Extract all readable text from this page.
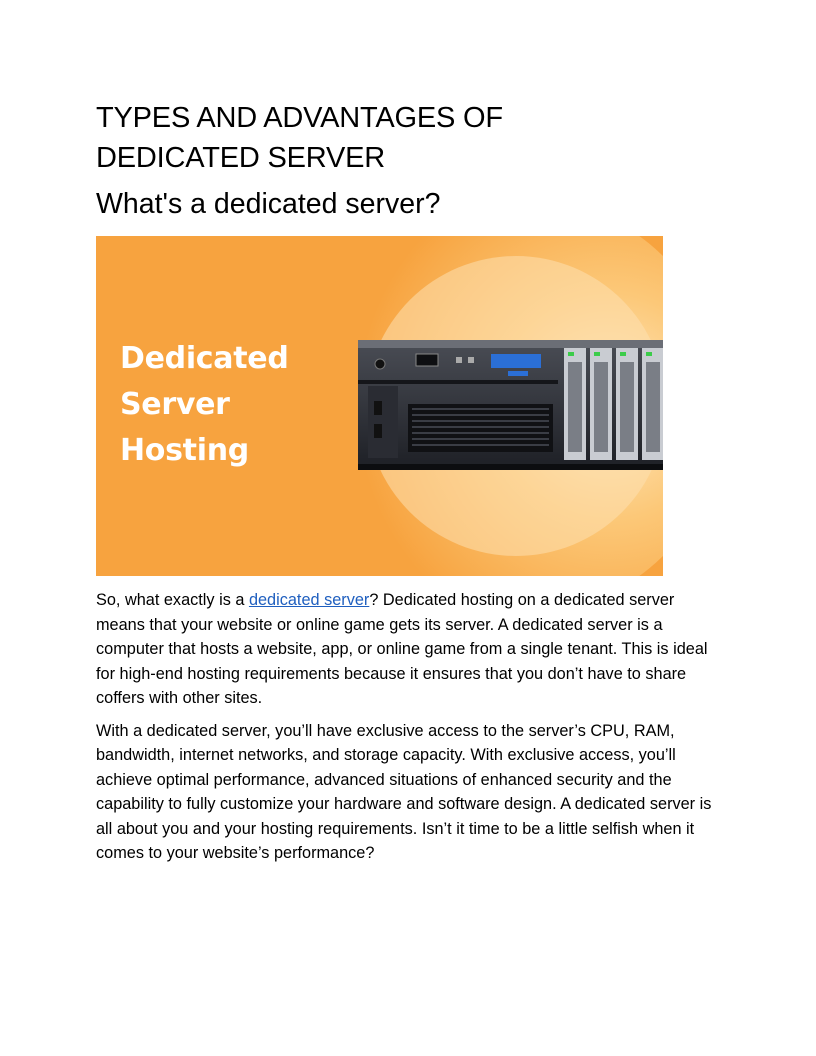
TYPES AND ADVANTAGES OF DEDICATED SERVER
What's a dedicated server?
Dedicated
Server
Hosting

So, what exactly is a dedicated server? Dedicated hosting on a dedicated server means that your website or online game gets its server. A dedicated server is a computer that hosts a website, app, or online game from a single tenant. This is ideal for high-end hosting requirements because it ensures that you don’t have to share coffers with other sites.

With a dedicated server, you’ll have exclusive access to the server’s CPU, RAM, bandwidth, internet networks, and storage capacity. With exclusive access, you’ll achieve optimal performance, advanced situations of enhanced security and the capability to fully customize your hardware and software design. A dedicated server is all about you and your hosting requirements. Isn’t it time to be a little selfish when it comes to your website’s performance?
